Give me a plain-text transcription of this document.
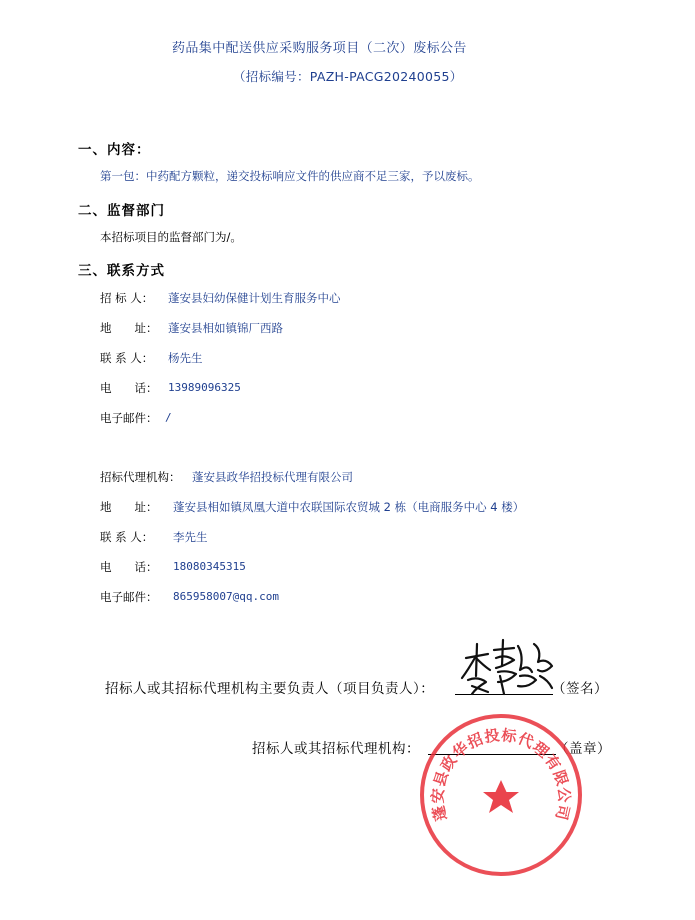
药品集中配送供应采购服务项目（二次）废标公告
（招标编号：PAZH-PACG20240055）
一、内容：
第一包：中药配方颗粒，递交投标响应文件的供应商不足三家，予以废标。
二、监督部门
本招标项目的监督部门为/。
三、联系方式
招 标 人： 蓬安县妇幼保健计划生育服务中心
地　　址： 蓬安县相如镇锦厂西路
联 系 人： 杨先生
电　　话： 13989096325
电子邮件： /
招标代理机构： 蓬安县政华招投标代理有限公司
地　　址： 蓬安县相如镇凤凰大道中农联国际农贸城 2 栋（电商服务中心 4 楼）
联 系 人： 李先生
电　　话： 18080345315
电子邮件： 865958007@qq.com
招标人或其招标代理机构主要负责人（项目负责人）：	（签名）
招标人或其招标代理机构：	（盖章）
蓬安县政华招投标代理有限公司
